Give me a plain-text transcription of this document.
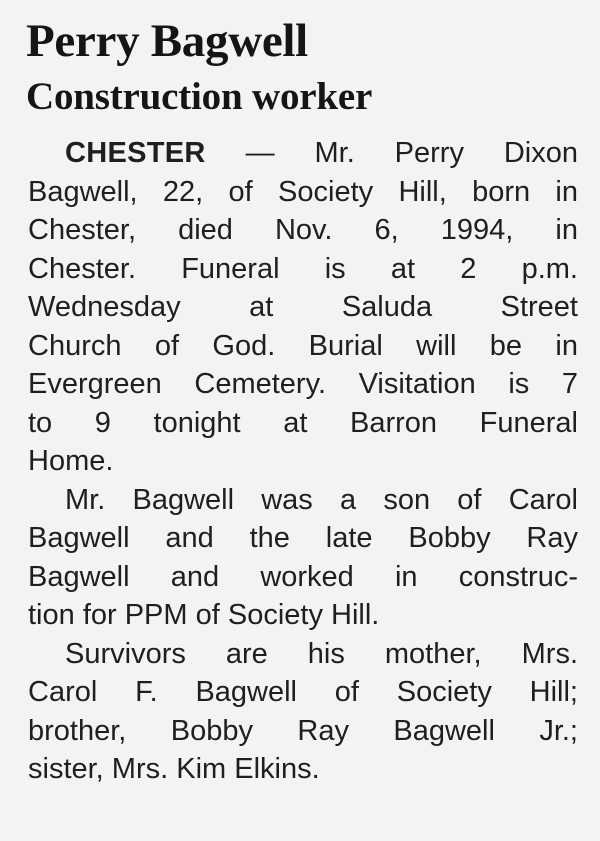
Perry Bagwell
Construction worker
CHESTER — Mr. Perry Dixon
Bagwell, 22, of Society Hill, born in
Chester, died Nov. 6, 1994, in
Chester. Funeral is at 2 p.m.
Wednesday at Saluda Street
Church of God. Burial will be in
Evergreen Cemetery. Visitation is 7
to 9 tonight at Barron Funeral
Home.
Mr. Bagwell was a son of Carol
Bagwell and the late Bobby Ray
Bagwell and worked in construc-
tion for PPM of Society Hill.
Survivors are his mother, Mrs.
Carol F. Bagwell of Society Hill;
brother, Bobby Ray Bagwell Jr.;
sister, Mrs. Kim Elkins.
